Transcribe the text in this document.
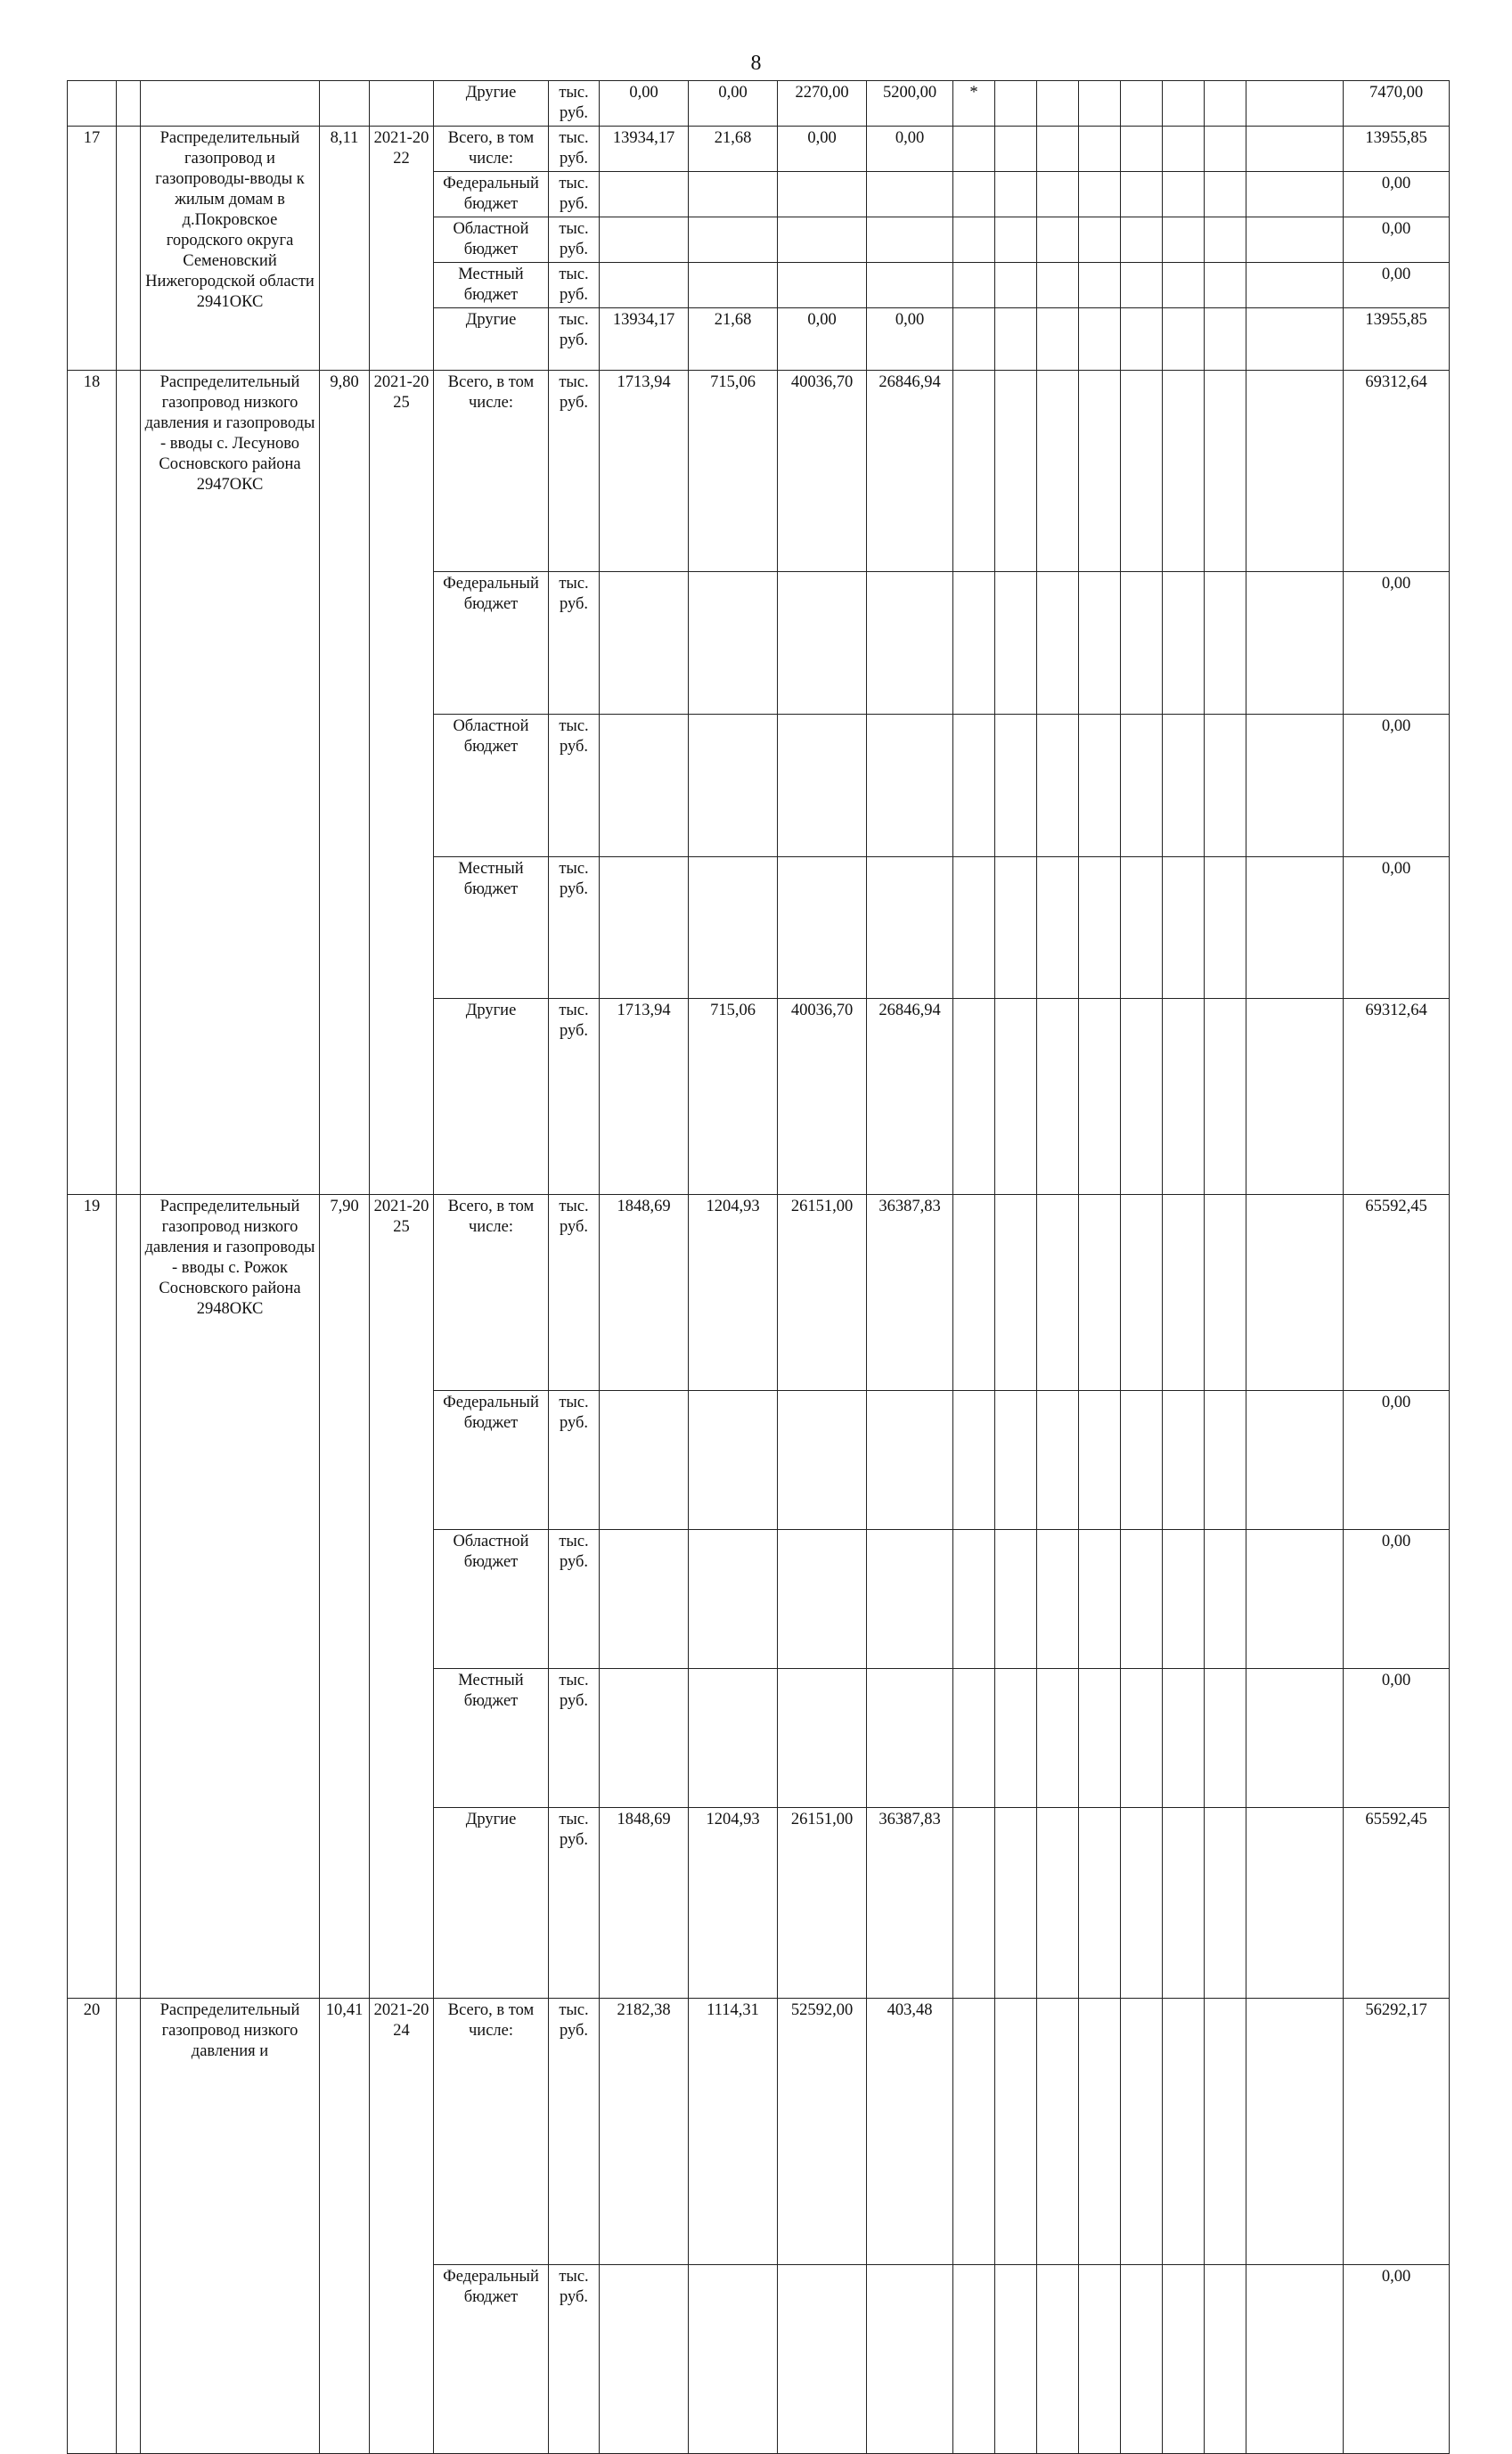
8
					Другие	тыс. руб.	0,00	0,00	2270,00	5200,00	*								7470,00	
17		Распределительный газопровод и газопроводы-вводы к жилым домам в д.Покровское городского округа Семеновский Нижегородской области 2941ОКС	8,11	2021-2022	Всего, в том числе:	тыс. руб.	13934,17	21,68	0,00	0,00									13955,85	
					Федеральный бюджет	тыс. руб.													0,00	
					Областной бюджет	тыс. руб.													0,00	
					Местный бюджет	тыс. руб.													0,00	
					Другие	тыс. руб.	13934,17	21,68	0,00	0,00									13955,85	
18		Распределительный газопровод низкого давления и газопроводы - вводы с. Лесуново Сосновского района 2947ОКС	9,80	2021-2025	Всего, в том числе:	тыс. руб.	1713,94	715,06	40036,70	26846,94									69312,64	
					Федеральный бюджет	тыс. руб.													0,00	
					Областной бюджет	тыс. руб.													0,00	
					Местный бюджет	тыс. руб.													0,00	
					Другие	тыс. руб.	1713,94	715,06	40036,70	26846,94									69312,64	
19		Распределительный газопровод низкого давления и газопроводы - вводы с. Рожок Сосновского района 2948ОКС	7,90	2021-2025	Всего, в том числе:	тыс. руб.	1848,69	1204,93	26151,00	36387,83									65592,45	
					Федеральный бюджет	тыс. руб.													0,00	
					Областной бюджет	тыс. руб.													0,00	
					Местный бюджет	тыс. руб.													0,00	
					Другие	тыс. руб.	1848,69	1204,93	26151,00	36387,83									65592,45	
20		Распределительный газопровод низкого давления и	10,41	2021-2024	Всего, в том числе:	тыс. руб.	2182,38	1114,31	52592,00	403,48									56292,17	
					Федеральный бюджет	тыс. руб.													0,00	
